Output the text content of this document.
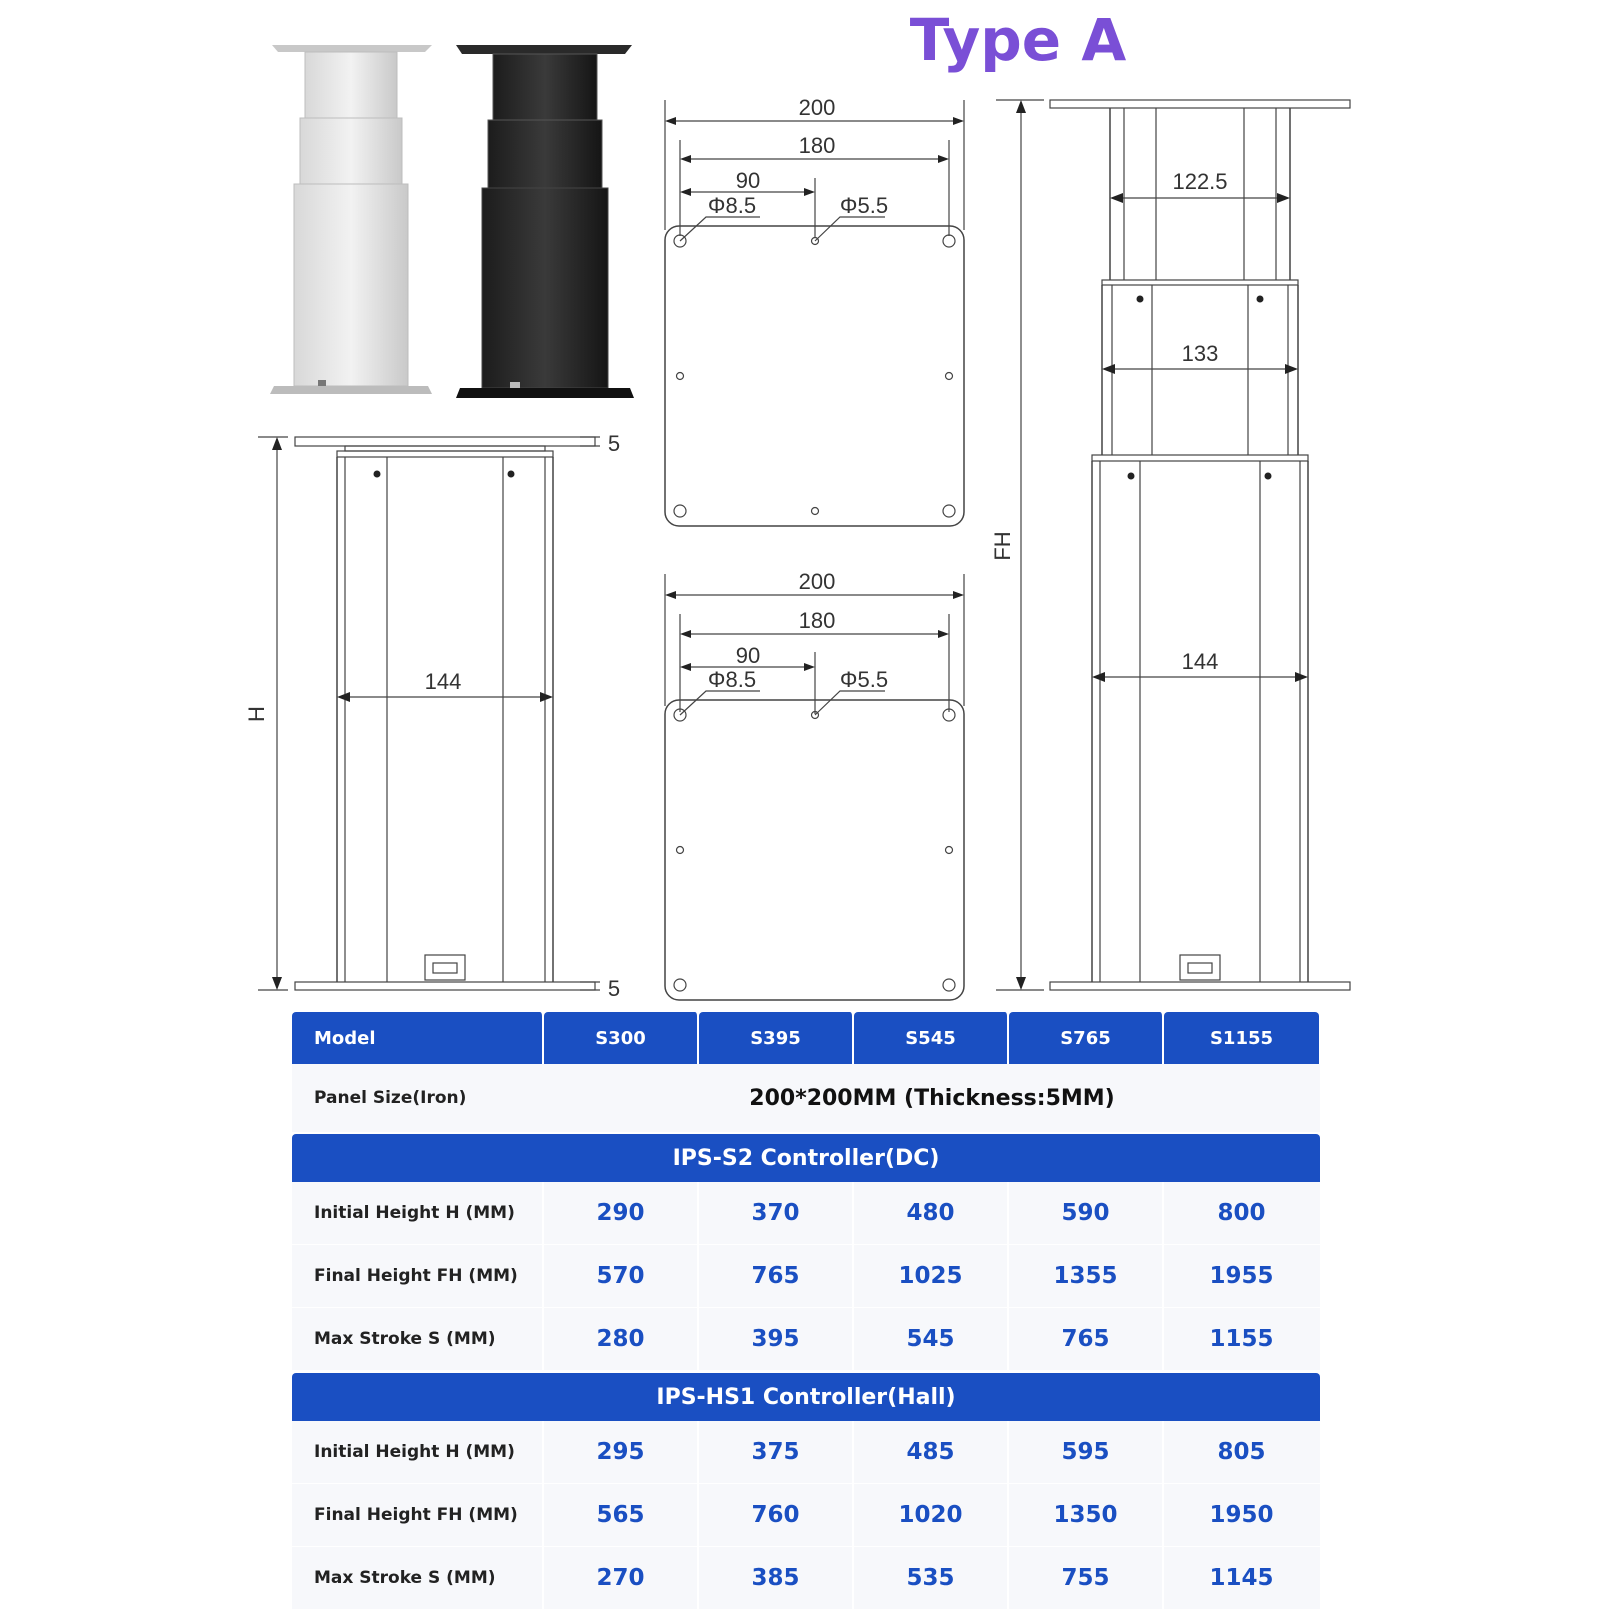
Type A
H
144
5
5
200
180
90
Φ8.5	Φ5.5
200
180
90
Φ8.5	Φ5.5
FH
122.5
133
144
Model	S300	S395	S545	S765	S1155
Panel Size(Iron)	200*200MM (Thickness:5MM)
IPS-S2 Controller(DC)
Initial Height H (MM)	290	370	480	590	800
Final Height FH (MM)	570	765	1025	1355	1955
Max Stroke S (MM)	280	395	545	765	1155
IPS-HS1 Controller(Hall)
Initial Height H (MM)	295	375	485	595	805
Final Height FH (MM)	565	760	1020	1350	1950
Max Stroke S (MM)	270	385	535	755	1145
